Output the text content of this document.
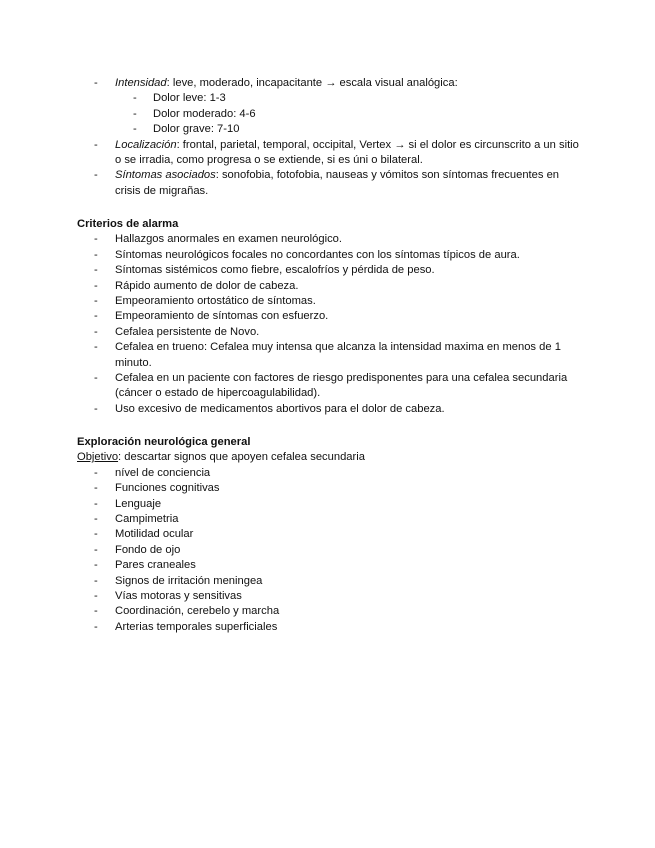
- Intensidad: leve, moderado, incapacitante → escala visual analógica:
- Dolor leve: 1-3
- Dolor moderado: 4-6
- Dolor grave: 7-10
- Localización: frontal, parietal, temporal, occipital, Vertex → si el dolor es circunscrito a un sitio o se irradia, como progresa o se extiende, si es úni o bilateral.
- Síntomas asociados: sonofobia, fotofobia, nauseas y vómitos son síntomas frecuentes en crisis de migrañas.
Criterios de alarma
- Hallazgos anormales en examen neurológico.
- Síntomas neurológicos focales no concordantes con los síntomas típicos de aura.
- Síntomas sistémicos como fiebre, escalofríos y pérdida de peso.
- Rápido aumento de dolor de cabeza.
- Empeoramiento ortostático de síntomas.
- Empeoramiento de síntomas con esfuerzo.
- Cefalea persistente de Novo.
- Cefalea en trueno: Cefalea muy intensa que alcanza la intensidad maxima en menos de 1 minuto.
- Cefalea en un paciente con factores de riesgo predisponentes para una cefalea secundaria (cáncer o estado de hipercoagulabilidad).
- Uso excesivo de medicamentos abortivos para el dolor de cabeza.
Exploración neurológica general
Objetivo: descartar signos que apoyen cefalea secundaria
- nível de conciencia
- Funciones cognitivas
- Lenguaje
- Campimetria
- Motilidad ocular
- Fondo de ojo
- Pares craneales
- Signos de irritación meningea
- Vías motoras y sensitivas
- Coordinación, cerebelo y marcha
- Arterias temporales superficiales
